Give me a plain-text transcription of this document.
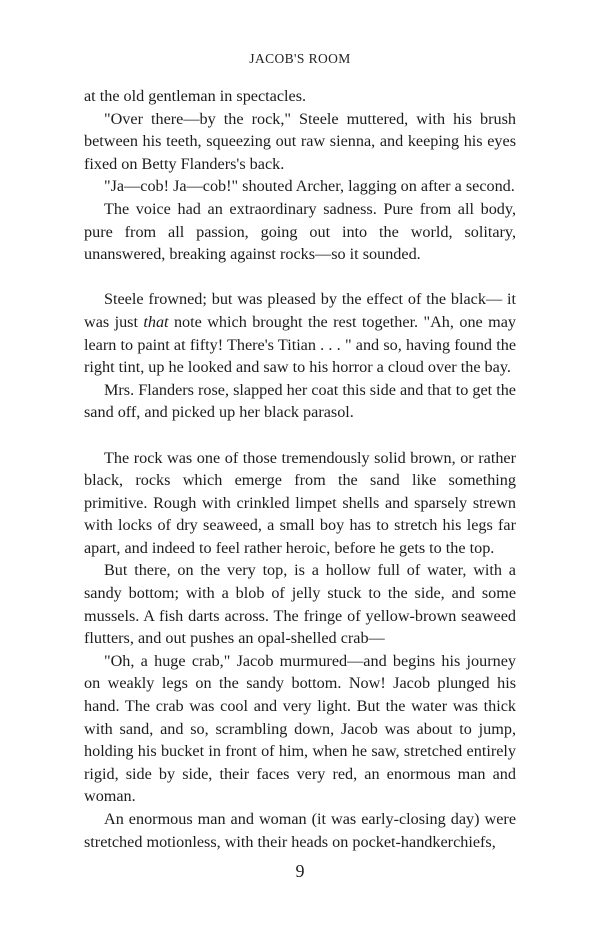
JACOB'S ROOM

at the old gentleman in spectacles.

"Over there—by the rock," Steele muttered, with his brush between his teeth, squeezing out raw sienna, and keeping his eyes fixed on Betty Flanders's back.

"Ja—cob! Ja—cob!" shouted Archer, lagging on after a second.

The voice had an extraordinary sadness. Pure from all body, pure from all passion, going out into the world, solitary, unanswered, breaking against rocks—so it sounded.

Steele frowned; but was pleased by the effect of the black— it was just that note which brought the rest together. "Ah, one may learn to paint at fifty! There's Titian . . . " and so, having found the right tint, up he looked and saw to his horror a cloud over the bay.

Mrs. Flanders rose, slapped her coat this side and that to get the sand off, and picked up her black parasol.

The rock was one of those tremendously solid brown, or rather black, rocks which emerge from the sand like something primitive. Rough with crinkled limpet shells and sparsely strewn with locks of dry seaweed, a small boy has to stretch his legs far apart, and indeed to feel rather heroic, before he gets to the top.

But there, on the very top, is a hollow full of water, with a sandy bottom; with a blob of jelly stuck to the side, and some mussels. A fish darts across. The fringe of yellow-brown seaweed flutters, and out pushes an opal-shelled crab—

"Oh, a huge crab," Jacob murmured—and begins his journey on weakly legs on the sandy bottom. Now! Jacob plunged his hand. The crab was cool and very light. But the water was thick with sand, and so, scrambling down, Jacob was about to jump, holding his bucket in front of him, when he saw, stretched entirely rigid, side by side, their faces very red, an enormous man and woman.

An enormous man and woman (it was early-closing day) were stretched motionless, with their heads on pocket-handkerchiefs,

9
